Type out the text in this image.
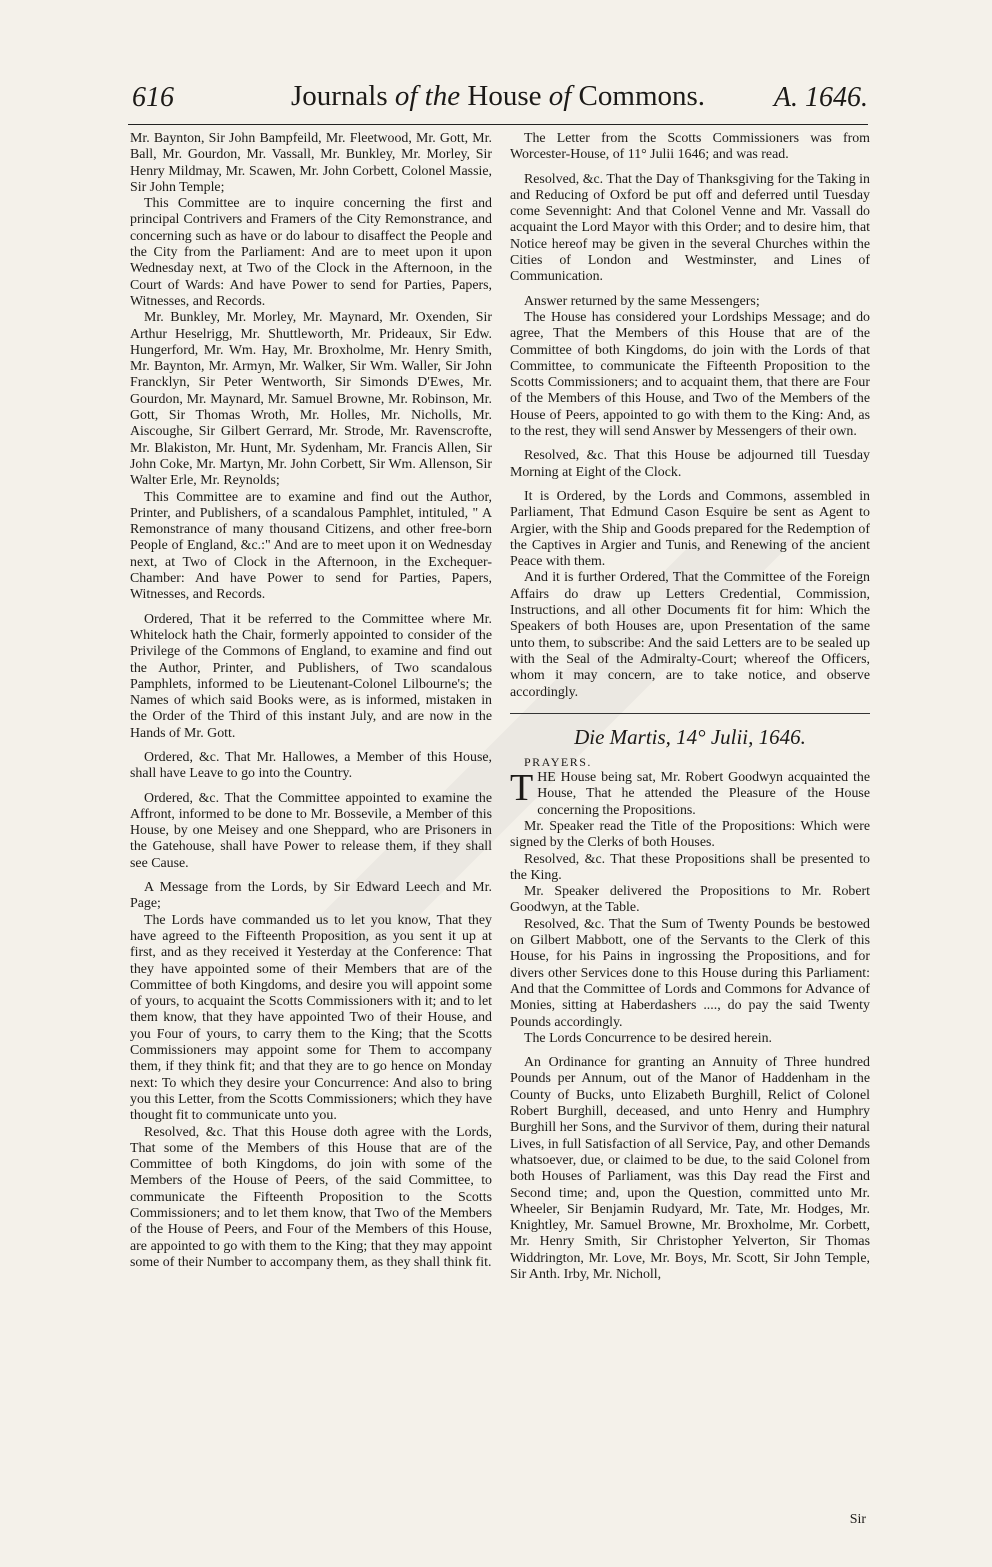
616	Journals of the House of Commons.	A. 1646.

Mr. Baynton, Sir John Bampfeild, Mr. Fleetwood, Mr. Gott, Mr. Ball, Mr. Gourdon, Mr. Vassall, Mr. Bunkley, Mr. Morley, Sir Henry Mildmay, Mr. Scawen, Mr. John Corbett, Colonel Massie, Sir John Temple;

This Committee are to inquire concerning the first and principal Contrivers and Framers of the City Remonstrance, and concerning such as have or do labour to disaffect the People and the City from the Parliament: And are to meet upon it upon Wednesday next, at Two of the Clock in the Afternoon, in the Court of Wards: And have Power to send for Parties, Papers, Witnesses, and Records.

Mr. Bunkley, Mr. Morley, Mr. Maynard, Mr. Oxenden, Sir Arthur Heselrigg, Mr. Shuttleworth, Mr. Prideaux, Sir Edw. Hungerford, Mr. Wm. Hay, Mr. Broxholme, Mr. Henry Smith, Mr. Baynton, Mr. Armyn, Mr. Walker, Sir Wm. Waller, Sir John Francklyn, Sir Peter Wentworth, Sir Simonds D'Ewes, Mr. Gourdon, Mr. Maynard, Mr. Samuel Browne, Mr. Robinson, Mr. Gott, Sir Thomas Wroth, Mr. Holles, Mr. Nicholls, Mr. Aiscoughe, Sir Gilbert Gerrard, Mr. Strode, Mr. Ravenscrofte, Mr. Blakiston, Mr. Hunt, Mr. Sydenham, Mr. Francis Allen, Sir John Coke, Mr. Martyn, Mr. John Corbett, Sir Wm. Allenson, Sir Walter Erle, Mr. Reynolds;

This Committee are to examine and find out the Author, Printer, and Publishers, of a scandalous Pamphlet, intituled, " A Remonstrance of many thousand Citizens, and other free-born People of England, &c.:" And are to meet upon it on Wednesday next, at Two of Clock in the Afternoon, in the Exchequer-Chamber: And have Power to send for Parties, Papers, Witnesses, and Records.

Ordered, That it be referred to the Committee where Mr. Whitelock hath the Chair, formerly appointed to consider of the Privilege of the Commons of England, to examine and find out the Author, Printer, and Publishers, of Two scandalous Pamphlets, informed to be Lieutenant-Colonel Lilbourne's; the Names of which said Books were, as is informed, mistaken in the Order of the Third of this instant July, and are now in the Hands of Mr. Gott.

Ordered, &c. That Mr. Hallowes, a Member of this House, shall have Leave to go into the Country.

Ordered, &c. That the Committee appointed to examine the Affront, informed to be done to Mr. Bossevile, a Member of this House, by one Meisey and one Sheppard, who are Prisoners in the Gatehouse, shall have Power to release them, if they shall see Cause.

A Message from the Lords, by Sir Edward Leech and Mr. Page;

The Lords have commanded us to let you know, That they have agreed to the Fifteenth Proposition, as you sent it up at first, and as they received it Yesterday at the Conference: That they have appointed some of their Members that are of the Committee of both Kingdoms, and desire you will appoint some of yours, to acquaint the Scotts Commissioners with it; and to let them know, that they have appointed Two of their House, and you Four of yours, to carry them to the King; that the Scotts Commissioners may appoint some for Them to accompany them, if they think fit; and that they are to go hence on Monday next: To which they desire your Concurrence: And also to bring you this Letter, from the Scotts Commissioners; which they have thought fit to communicate unto you.

Resolved, &c. That this House doth agree with the Lords, That some of the Members of this House that are of the Committee of both Kingdoms, do join with some of the Members of the House of Peers, of the said Committee, to communicate the Fifteenth Proposition to the Scotts Commissioners; and to let them know, that Two of the Members of the House of Peers, and Four of the Members of this House, are appointed to go with them to the King; that they may appoint some of their Number to accompany them, as they shall think fit.

The Letter from the Scotts Commissioners was from Worcester-House, of 11° Julii 1646; and was read.

Resolved, &c. That the Day of Thanksgiving for the Taking in and Reducing of Oxford be put off and deferred until Tuesday come Sevennight: And that Colonel Venne and Mr. Vassall do acquaint the Lord Mayor with this Order; and to desire him, that Notice hereof may be given in the several Churches within the Cities of London and Westminster, and Lines of Communication.

Answer returned by the same Messengers;

The House has considered your Lordships Message; and do agree, That the Members of this House that are of the Committee of both Kingdoms, do join with the Lords of that Committee, to communicate the Fifteenth Proposition to the Scotts Commissioners; and to acquaint them, that there are Four of the Members of this House, and Two of the Members of the House of Peers, appointed to go with them to the King: And, as to the rest, they will send Answer by Messengers of their own.

Resolved, &c. That this House be adjourned till Tuesday Morning at Eight of the Clock.

It is Ordered, by the Lords and Commons, assembled in Parliament, That Edmund Cason Esquire be sent as Agent to Argier, with the Ship and Goods prepared for the Redemption of the Captives in Argier and Tunis, and Renewing of the ancient Peace with them.

And it is further Ordered, That the Committee of the Foreign Affairs do draw up Letters Credential, Commission, Instructions, and all other Documents fit for him: Which the Speakers of both Houses are, upon Presentation of the same unto them, to subscribe: And the said Letters are to be sealed up with the Seal of the Admiralty-Court; whereof the Officers, whom it may concern, are to take notice, and observe accordingly.

Die Martis, 14° Julii, 1646.

PRAYERS.

THE House being sat, Mr. Robert Goodwyn acquainted the House, That he attended the Pleasure of the House concerning the Propositions.

Mr. Speaker read the Title of the Propositions: Which were signed by the Clerks of both Houses.

Resolved, &c. That these Propositions shall be presented to the King.

Mr. Speaker delivered the Propositions to Mr. Robert Goodwyn, at the Table.

Resolved, &c. That the Sum of Twenty Pounds be bestowed on Gilbert Mabbott, one of the Servants to the Clerk of this House, for his Pains in ingrossing the Propositions, and for divers other Services done to this House during this Parliament: And that the Committee of Lords and Commons for Advance of Monies, sitting at Haberdashers ...., do pay the said Twenty Pounds accordingly.

The Lords Concurrence to be desired herein.

An Ordinance for granting an Annuity of Three hundred Pounds per Annum, out of the Manor of Haddenham in the County of Bucks, unto Elizabeth Burghill, Relict of Colonel Robert Burghill, deceased, and unto Henry and Humphry Burghill her Sons, and the Survivor of them, during their natural Lives, in full Satisfaction of all Service, Pay, and other Demands whatsoever, due, or claimed to be due, to the said Colonel from both Houses of Parliament, was this Day read the First and Second time; and, upon the Question, committed unto Mr. Wheeler, Sir Benjamin Rudyard, Mr. Tate, Mr. Hodges, Mr. Knightley, Mr. Samuel Browne, Mr. Broxholme, Mr. Corbett, Mr. Henry Smith, Sir Christopher Yelverton, Sir Thomas Widdrington, Mr. Love, Mr. Boys, Mr. Scott, Sir John Temple, Sir Anth. Irby, Mr. Nicholl,

Sir
